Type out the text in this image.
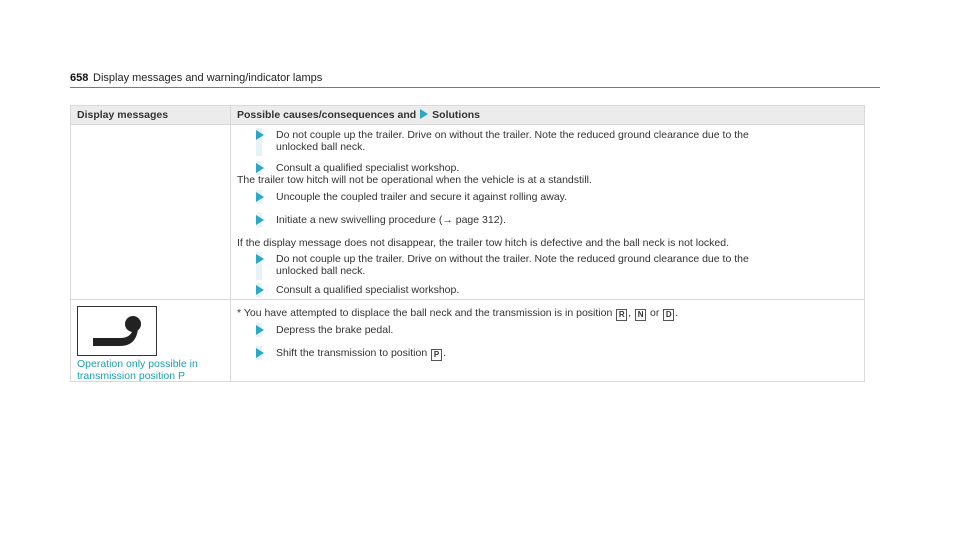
658 Display messages and warning/indicator lamps
Display messages	Possible causes/consequences and Solutions
Do not couple up the trailer. Drive on without the trailer. Note the reduced ground clearance due to the
unlocked ball neck.
Consult a qualified specialist workshop.
The trailer tow hitch will not be operational when the vehicle is at a standstill.
Uncouple the coupled trailer and secure it against rolling away.
Initiate a new swivelling procedure (→ page 312).
If the display message does not disappear, the trailer tow hitch is defective and the ball neck is not locked.
Do not couple up the trailer. Drive on without the trailer. Note the reduced ground clearance due to the
unlocked ball neck.
Consult a qualified specialist workshop.
Operation only possible in
transmission position P
* You have attempted to displace the ball neck and the transmission is in position R , N or D .
Depress the brake pedal.
Shift the transmission to position P .
